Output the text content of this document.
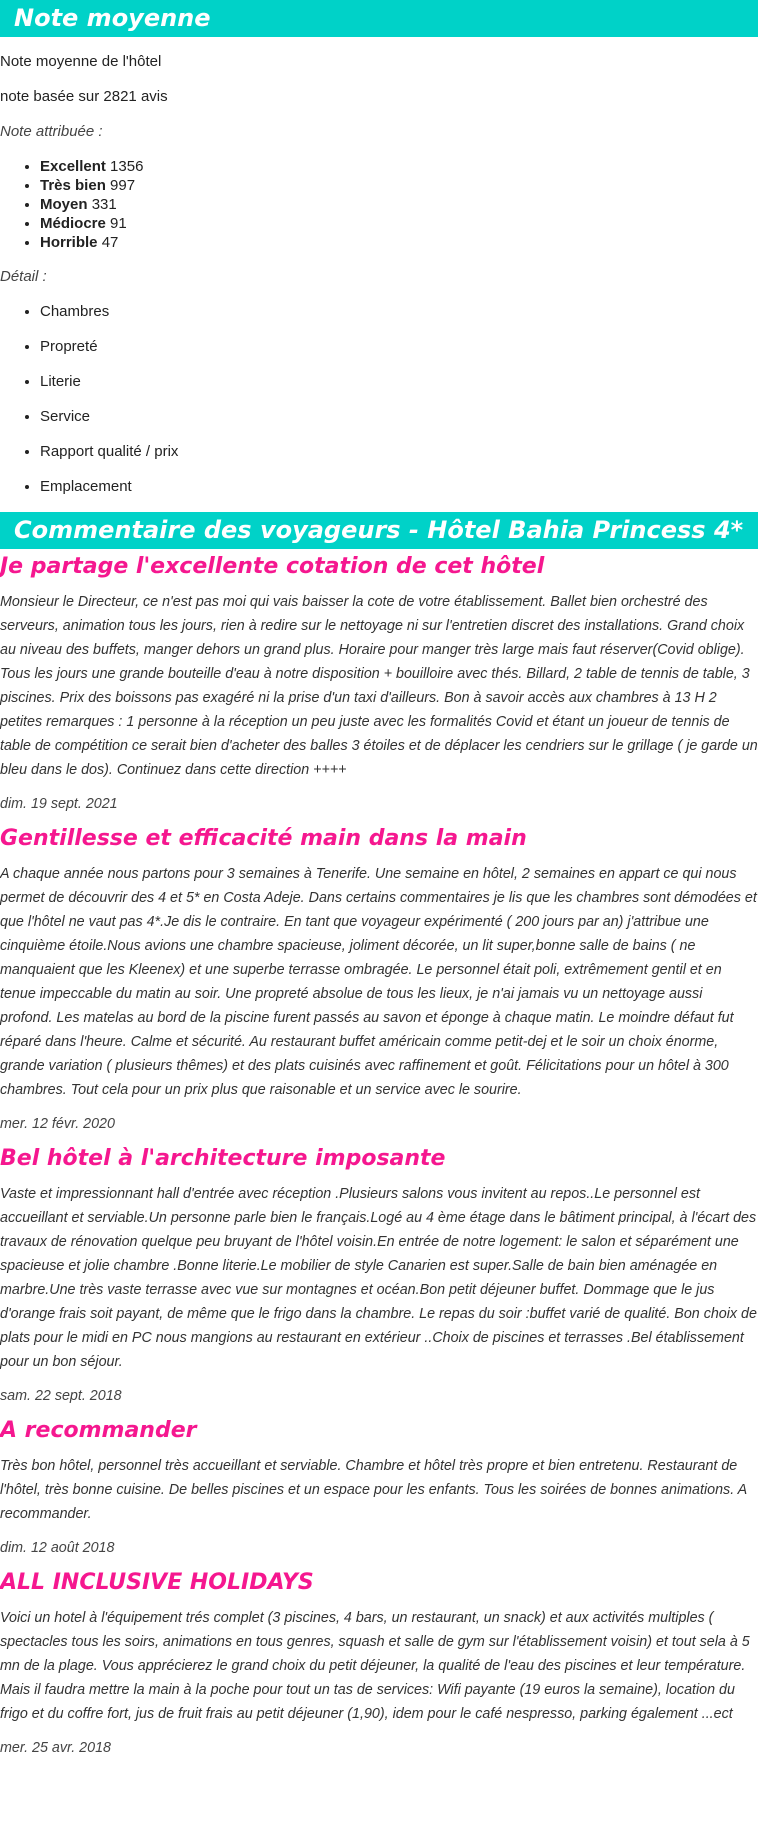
Note moyenne

Note moyenne de l'hôtel

note basée sur 2821 avis

Note attribuée :

• Excellent 1356
• Très bien 997
• Moyen 331
• Médiocre 91
• Horrible 47

Détail :

• Chambres
• Propreté
• Literie
• Service
• Rapport qualité / prix
• Emplacement
Commentaire des voyageurs - Hôtel Bahia Princess 4*
Je partage l'excellente cotation de cet hôtel

Monsieur le Directeur, ce n'est pas moi qui vais baisser la cote de votre établissement. Ballet bien orchestré des serveurs, animation tous les jours, rien à redire sur le nettoyage ni sur l'entretien discret des installations. Grand choix au niveau des buffets, manger dehors un grand plus. Horaire pour manger très large mais faut réserver(Covid oblige). Tous les jours une grande bouteille d'eau à notre disposition + bouilloire avec thés. Billard, 2 table de tennis de table, 3 piscines. Prix des boissons pas exagéré ni la prise d'un taxi d'ailleurs. Bon à savoir accès aux chambres à 13 H 2 petites remarques : 1 personne à la réception un peu juste avec les formalités Covid et étant un joueur de tennis de table de compétition ce serait bien d'acheter des balles 3 étoiles et de déplacer les cendriers sur le grillage ( je garde un bleu dans le dos). Continuez dans cette direction ++++

dim. 19 sept. 2021

Gentillesse et efficacité main dans la main

A chaque année nous partons pour 3 semaines à Tenerife. Une semaine en hôtel, 2 semaines en appart ce qui nous permet de découvrir des 4 et 5* en Costa Adeje. Dans certains commentaires je lis que les chambres sont démodées et que l'hôtel ne vaut pas 4*.Je dis le contraire. En tant que voyageur expérimenté ( 200 jours par an) j'attribue une cinquième étoile.Nous avions une chambre spacieuse, joliment décorée, un lit super,bonne salle de bains ( ne manquaient que les Kleenex) et une superbe terrasse ombragée. Le personnel était poli, extrêmement gentil et en tenue impeccable du matin au soir. Une propreté absolue de tous les lieux, je n'ai jamais vu un nettoyage aussi profond. Les matelas au bord de la piscine furent passés au savon et éponge à chaque matin. Le moindre défaut fut réparé dans l'heure. Calme et sécurité. Au restaurant buffet américain comme petit-dej et le soir un choix énorme, grande variation ( plusieurs thêmes) et des plats cuisinés avec raffinement et goût. Félicitations pour un hôtel à 300 chambres. Tout cela pour un prix plus que raisonable et un service avec le sourire.

mer. 12 févr. 2020

Bel hôtel à l'architecture imposante

Vaste et impressionnant hall d'entrée avec réception .Plusieurs salons vous invitent au repos..Le personnel est accueillant et serviable.Un personne parle bien le français.Logé au 4 ème étage dans le bâtiment principal, à l'écart des travaux de rénovation quelque peu bruyant de l'hôtel voisin.En entrée de notre logement: le salon et séparément une spacieuse et jolie chambre .Bonne literie.Le mobilier de style Canarien est super.Salle de bain bien aménagée en marbre.Une très vaste terrasse avec vue sur montagnes et océan.Bon petit déjeuner buffet. Dommage que le jus d'orange frais soit payant, de même que le frigo dans la chambre. Le repas du soir :buffet varié de qualité. Bon choix de plats pour le midi en PC nous mangions au restaurant en extérieur ..Choix de piscines et terrasses .Bel établissement pour un bon séjour.

sam. 22 sept. 2018

A recommander

Très bon hôtel, personnel très accueillant et serviable. Chambre et hôtel très propre et bien entretenu. Restaurant de l'hôtel, très bonne cuisine. De belles piscines et un espace pour les enfants. Tous les soirées de bonnes animations. A recommander.

dim. 12 août 2018

ALL INCLUSIVE HOLIDAYS

Voici un hotel à l'équipement trés complet (3 piscines, 4 bars, un restaurant, un snack) et aux activités multiples ( spectacles tous les soirs, animations en tous genres, squash et salle de gym sur l'établissement voisin) et tout sela à 5 mn de la plage. Vous apprécierez le grand choix du petit déjeuner, la qualité de l'eau des piscines et leur température. Mais il faudra mettre la main à la poche pour tout un tas de services: Wifi payante (19 euros la semaine), location du frigo et du coffre fort, jus de fruit frais au petit déjeuner (1,90), idem pour le café nespresso, parking également ...ect

mer. 25 avr. 2018
